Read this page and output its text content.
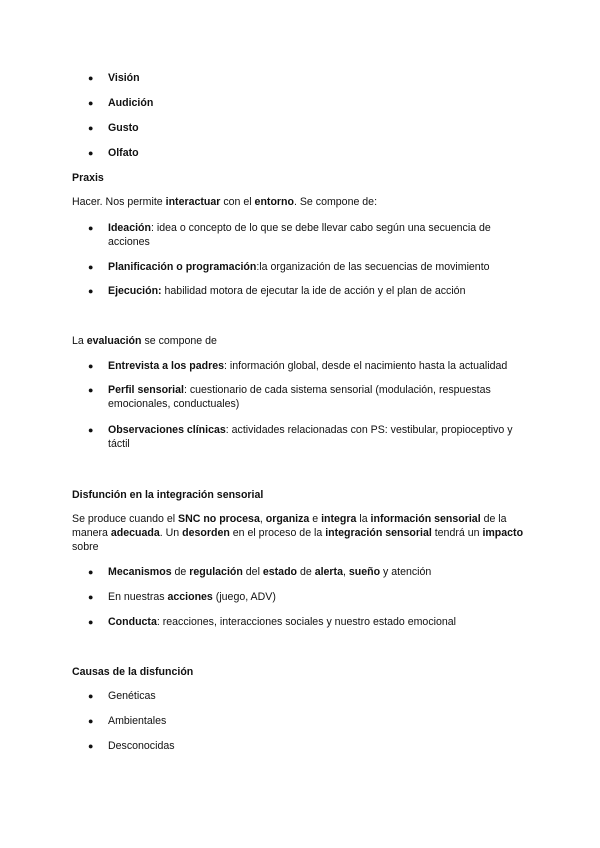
● Visión
● Audición
● Gusto
● Olfato
Praxis
Hacer. Nos permite interactuar con el entorno. Se compone de:
● Ideación: idea o concepto de lo que se debe llevar cabo según una secuencia de acciones
● Planificación o programación:la organización de las secuencias de movimiento
● Ejecución: habilidad motora de ejecutar la ide de acción y el plan de acción
La evaluación se compone de
● Entrevista a los padres: información global, desde el nacimiento hasta la actualidad
● Perfil sensorial: cuestionario de cada sistema sensorial (modulación, respuestas emocionales, conductuales)
● Observaciones clínicas: actividades relacionadas con PS: vestibular, propioceptivo y táctil
Disfunción en la integración sensorial
Se produce cuando el SNC no procesa, organiza e integra la información sensorial de la manera adecuada. Un desorden en el proceso de la integración sensorial tendrá un impacto sobre
● Mecanismos de regulación del estado de alerta, sueño y atención
● En nuestras acciones (juego, ADV)
● Conducta: reacciones, interacciones sociales y nuestro estado emocional
Causas de la disfunción
● Genéticas
● Ambientales
● Desconocidas
